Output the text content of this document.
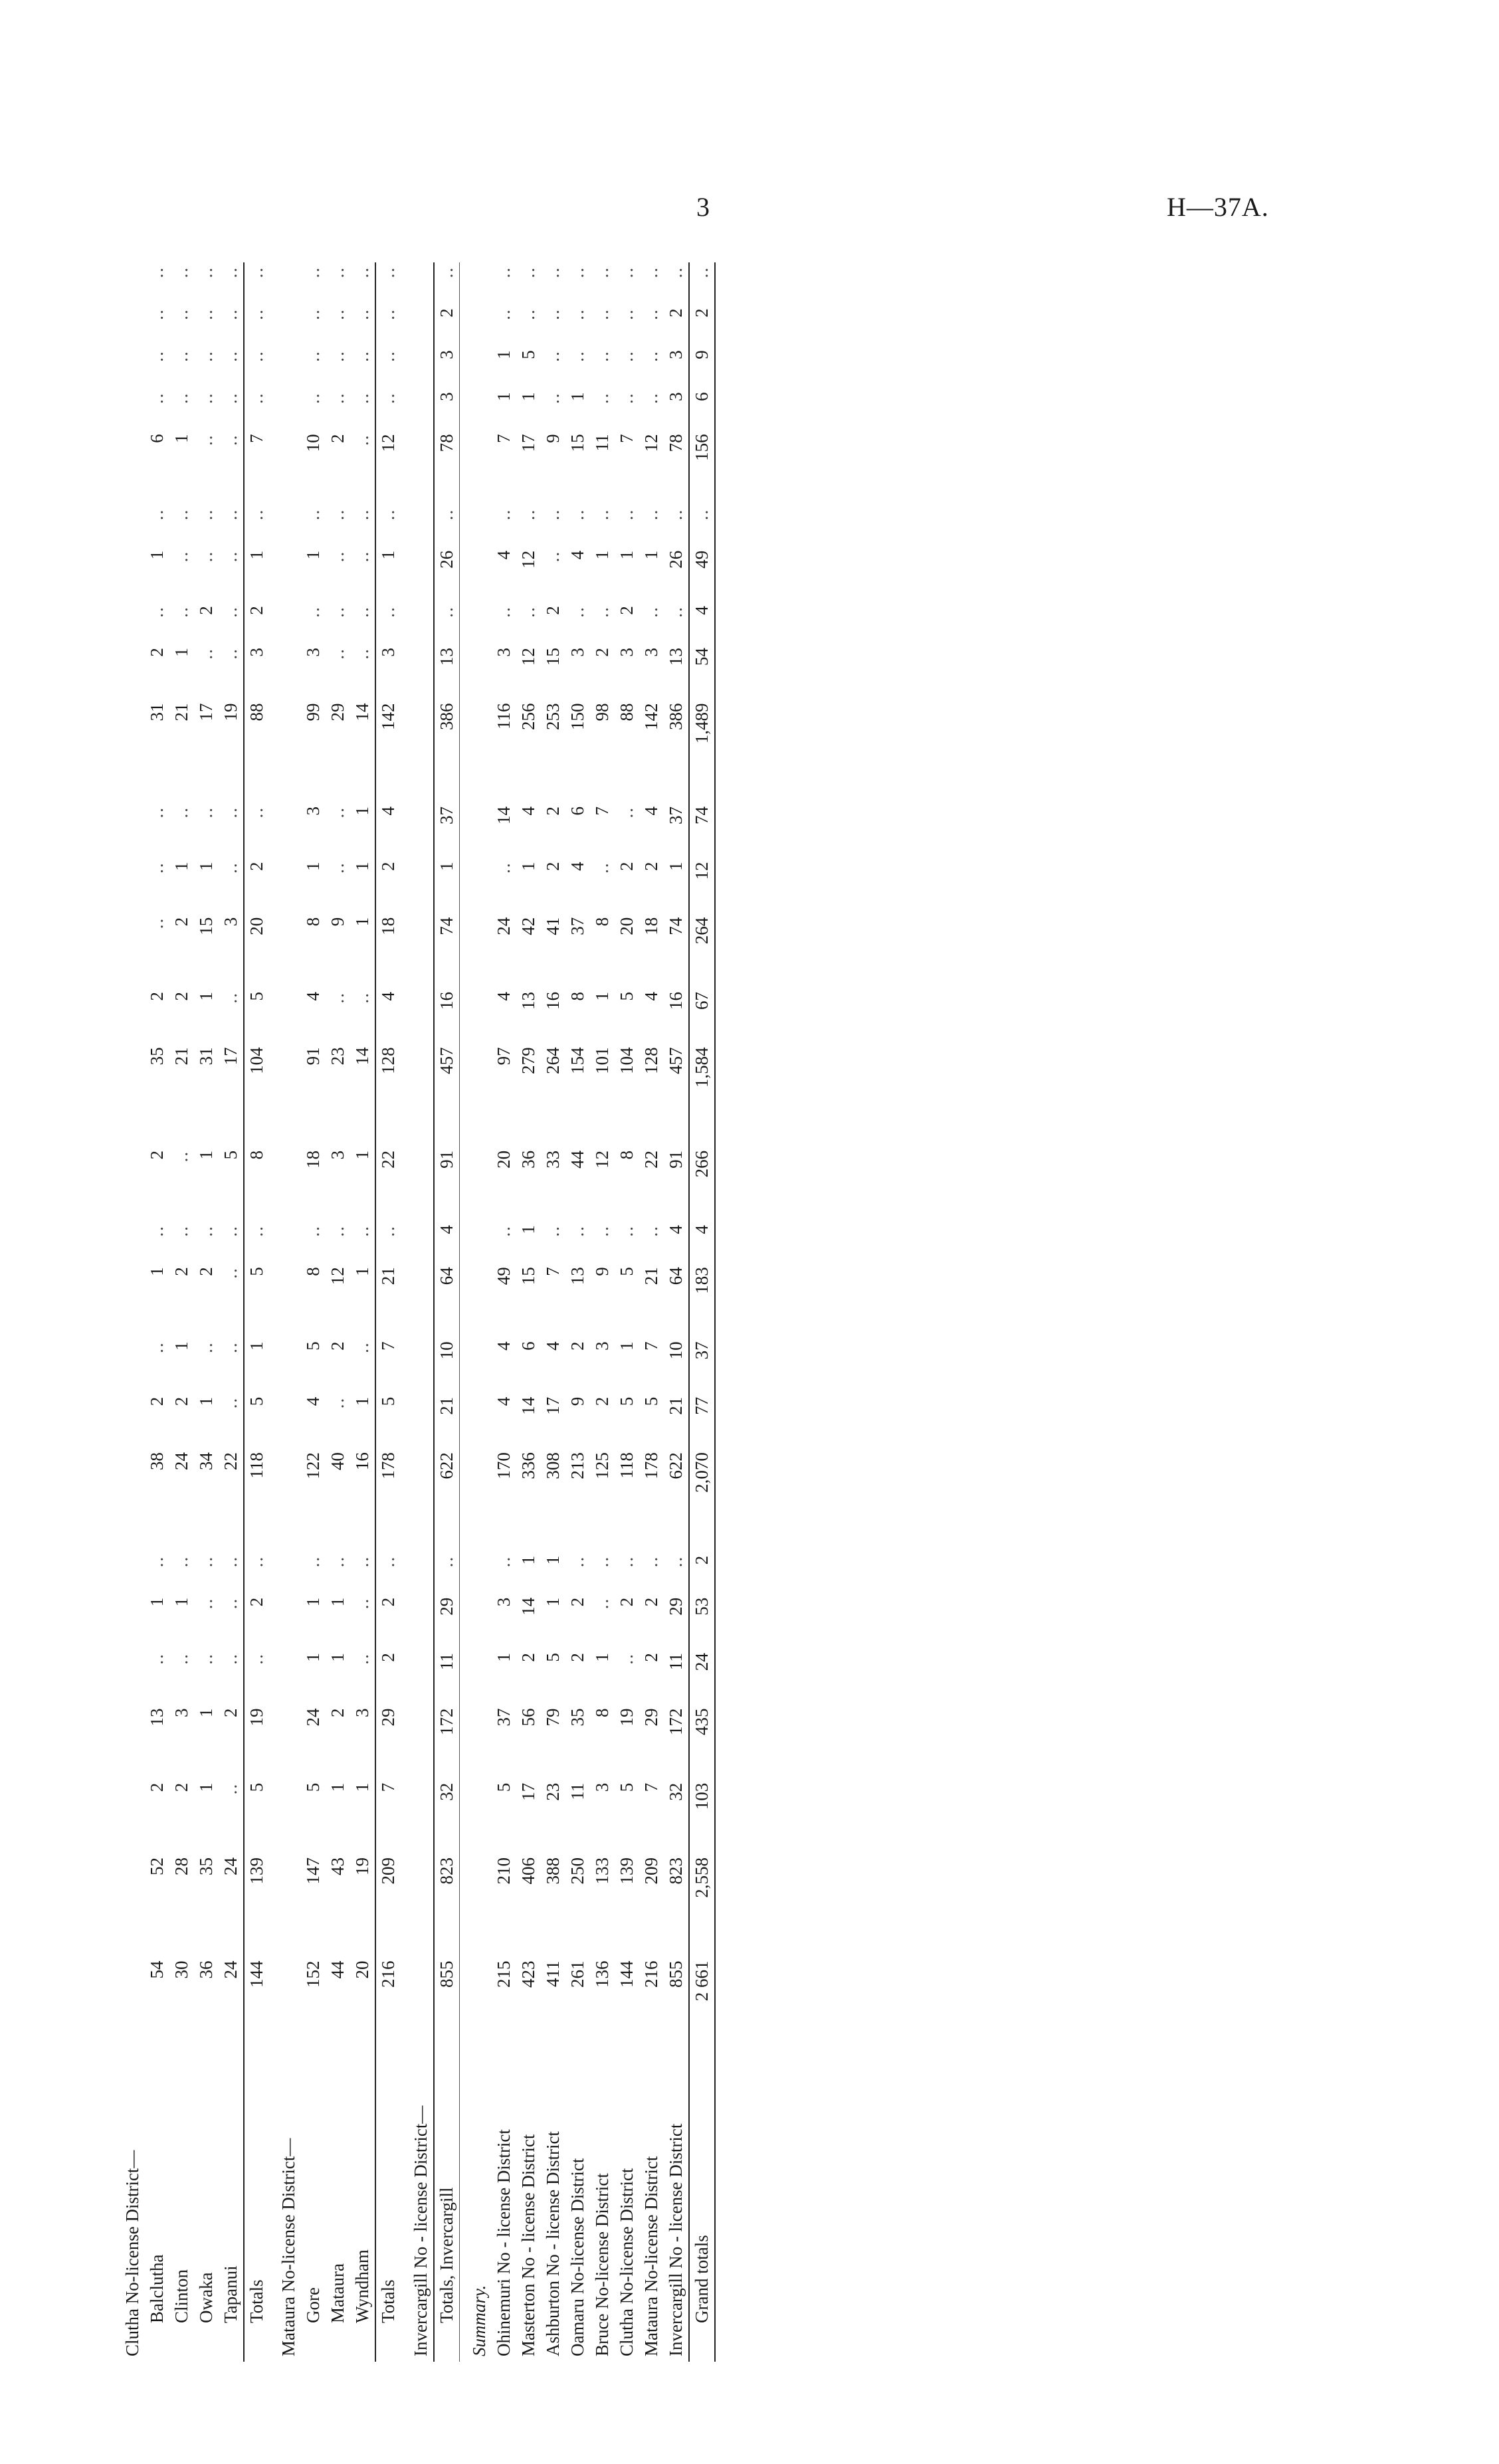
3	H—37A.
Clutha No-license District—																												
Balclutha	54	52	2	13	..	1	..	38	2	..	1	..	2	35	2	..	..	..	31	2	..	1	..	6	..	..	..	..
Clinton	30	28	2	3	..	1	..	24	2	1	2	..	..	21	2	2	1	..	21	1	..	..	..	1	..	..	..	..
Owaka	36	35	1	1	..	..	..	34	1	..	2	..	1	31	1	15	1	..	17	..	2	..	..	..	..	..	..	..
Tapanui	24	24	..	2	..	..	..	22	..	..	..	..	5	17	..	3	..	..	19	..	..	..	..	..	..	..	..	..
Totals	144	139	5	19	..	2	..	118	5	1	5	..	8	104	5	20	2	..	88	3	2	1	..	7	..	..	..	..
Mataura No-license District—																												
Gore	152	147	5	24	1	1	..	122	4	5	8	..	18	91	4	8	1	3	99	3	..	1	..	10	..	..	..	..
Mataura	44	43	1	2	1	1	..	40	..	2	12	..	3	23	..	9	..	..	29	..	..	..	..	2	..	..	..	..
Wyndham	20	19	1	3	..	..	..	16	1	..	1	..	1	14	..	1	1	1	14	..	..	..	..	..	..	..	..	..
Totals	216	209	7	29	2	2	..	178	5	7	21	..	22	128	4	18	2	4	142	3	..	1	..	12	..	..	..	..
Invercargill No - license District—																												
Totals, Invercargill	855	823	32	172	11	29	..	622	21	10	64	4	91	457	16	74	1	37	386	13	..	26	..	78	3	3	2	..
Summary.																												
Ohinemuri No - license District	215	210	5	37	1	3	..	170	4	4	49	..	20	97	4	24	..	14	116	3	..	4	..	7	1	1	..	..
Masterton No - license District	423	406	17	56	2	14	1	336	14	6	15	1	36	279	13	42	1	4	256	12	..	12	..	17	1	5	..	..
Ashburton No - license District	411	388	23	79	5	1	1	308	17	4	7	..	33	264	16	41	2	2	253	15	2	..	..	9	..	..	..	..
Oamaru No-license District	261	250	11	35	2	2	..	213	9	2	13	..	44	154	8	37	4	6	150	3	..	4	..	15	1	..	..	..
Bruce No-license District	136	133	3	8	1	..	..	125	2	3	9	..	12	101	1	8	..	7	98	2	..	1	..	11	..	..	..	..
Clutha No-license District	144	139	5	19	..	2	..	118	5	1	5	..	8	104	5	20	2	..	88	3	2	1	..	7	..	..	..	..
Mataura No-license District	216	209	7	29	2	2	..	178	5	7	21	..	22	128	4	18	2	4	142	3	..	1	..	12	..	..	..	..
Invercargill No - license District	855	823	32	172	11	29	..	622	21	10	64	4	91	457	16	74	1	37	386	13	..	26	..	78	3	3	2	..
Grand totals	2 661	2,558	103	435	24	53	2	2,070	77	37	183	4	266	1,584	67	264	12	74	1,489	54	4	49	..	156	6	9	2	..
